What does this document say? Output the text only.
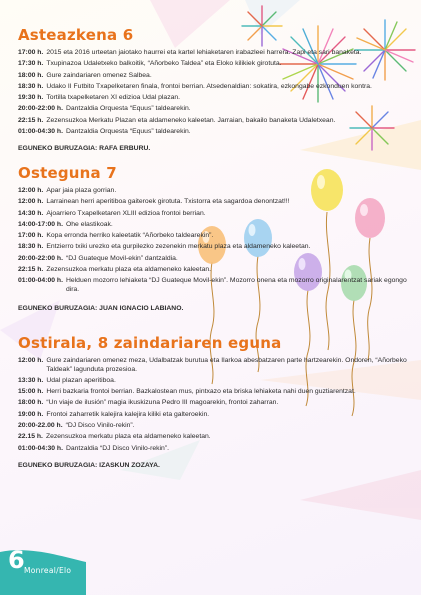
Asteazkena 6
17:00 h. 2015 eta 2016 urteetan jaiotako haurrei eta kartel lehiaketaren irabazleei harrera. Zapi eta sari banaketa.
17:30 h. Txupinazoa Udaletxeko balkoitik, “Añorbeko Taldea” eta Eloko kilikiek girotuta.
18:00 h. Gure zaindariaren omenez Salbea.
18:30 h. Udako II Futbito Txapelketaren finala, frontoi berrian. Atsedenaldian: sokatira, ezkongabe ezkonduen kontra.
19:30 h. Tortilla txapelketaren XI edizioa Udal plazan.
20:00-22:00 h. Dantzaldia Orquesta “Equus” taldearekin.
22:15 h. Zezensuzkoa Merkatu Plazan eta aldameneko kaleetan. Jarraian, bakailo banaketa Udaletxean.
01:00-04:30 h. Dantzaldia Orquesta “Equus” taldearekin.
EGUNEKO BURUZAGIA: RAFA ERBURU.
Osteguna 7
12:00 h. Apar jaia plaza gorrian.
12:00 h. Larrainean herri aperitiboa gaiteroek girotuta. Txistorra eta sagardoa denontzat!!!
14:30 h. Ajoarriero Txapelketaren XLIII edizioa frontoi berrian.
14:00-17:00 h. Ohe elastikoak.
17:00 h. Kopa erronda herriko kaleetatik “Añorbeko taldearekin”.
18:30 h. Entzierro txiki urezko eta gurpilezko zezenekin merkatu plaza eta aldameneko kaleetan.
20:00-22:00 h. “DJ Guateque Movil-ekin” dantzaldia.
22:15 h. Zezensuzkoa merkatu plaza eta aldameneko kaleetan.
01:00-04:00 h. Helduen mozorro lehiaketa “DJ Guateque Movil-ekin”. Mozorro onena eta mozorro originalarentzat sariak egongo dira.
EGUNEKO BURUZAGIA: JUAN IGNACIO LABIANO.
Ostirala, 8 zaindariaren eguna
12:00 h. Gure zaindariaren omenez meza, Udalbatzak burutua eta Ilarkoa abesbatzaren parte hartzearekin. Ondoren, “Añorbeko Taldeak” lagunduta prozesioa.
13:30 h. Udal plazan aperitiboa.
15:00 h. Herri bazkaria frontoi berrian. Bazkalostean mus, pintxazo eta briska lehiaketa nahi duen guztiarentzat.
18:00 h. “Un viaje de ilusión” magia ikuskizuna Pedro III magoarekin, frontoi zaharran.
19:00 h. Frontoi zaharretik kalejira kalejira kiliki eta galteroekin.
20:00-22.00 h. “DJ Disco Vinilo-rekin”.
22.15 h. Zezensuzkoa merkatu plaza eta aldameneko kaleetan.
01:00-04:30 h. Dantzaldia “DJ Disco Vinilo-rekin”.
EGUNEKO BURUZAGIA: IZASKUN ZOZAYA.
6 Monreal/Elo
